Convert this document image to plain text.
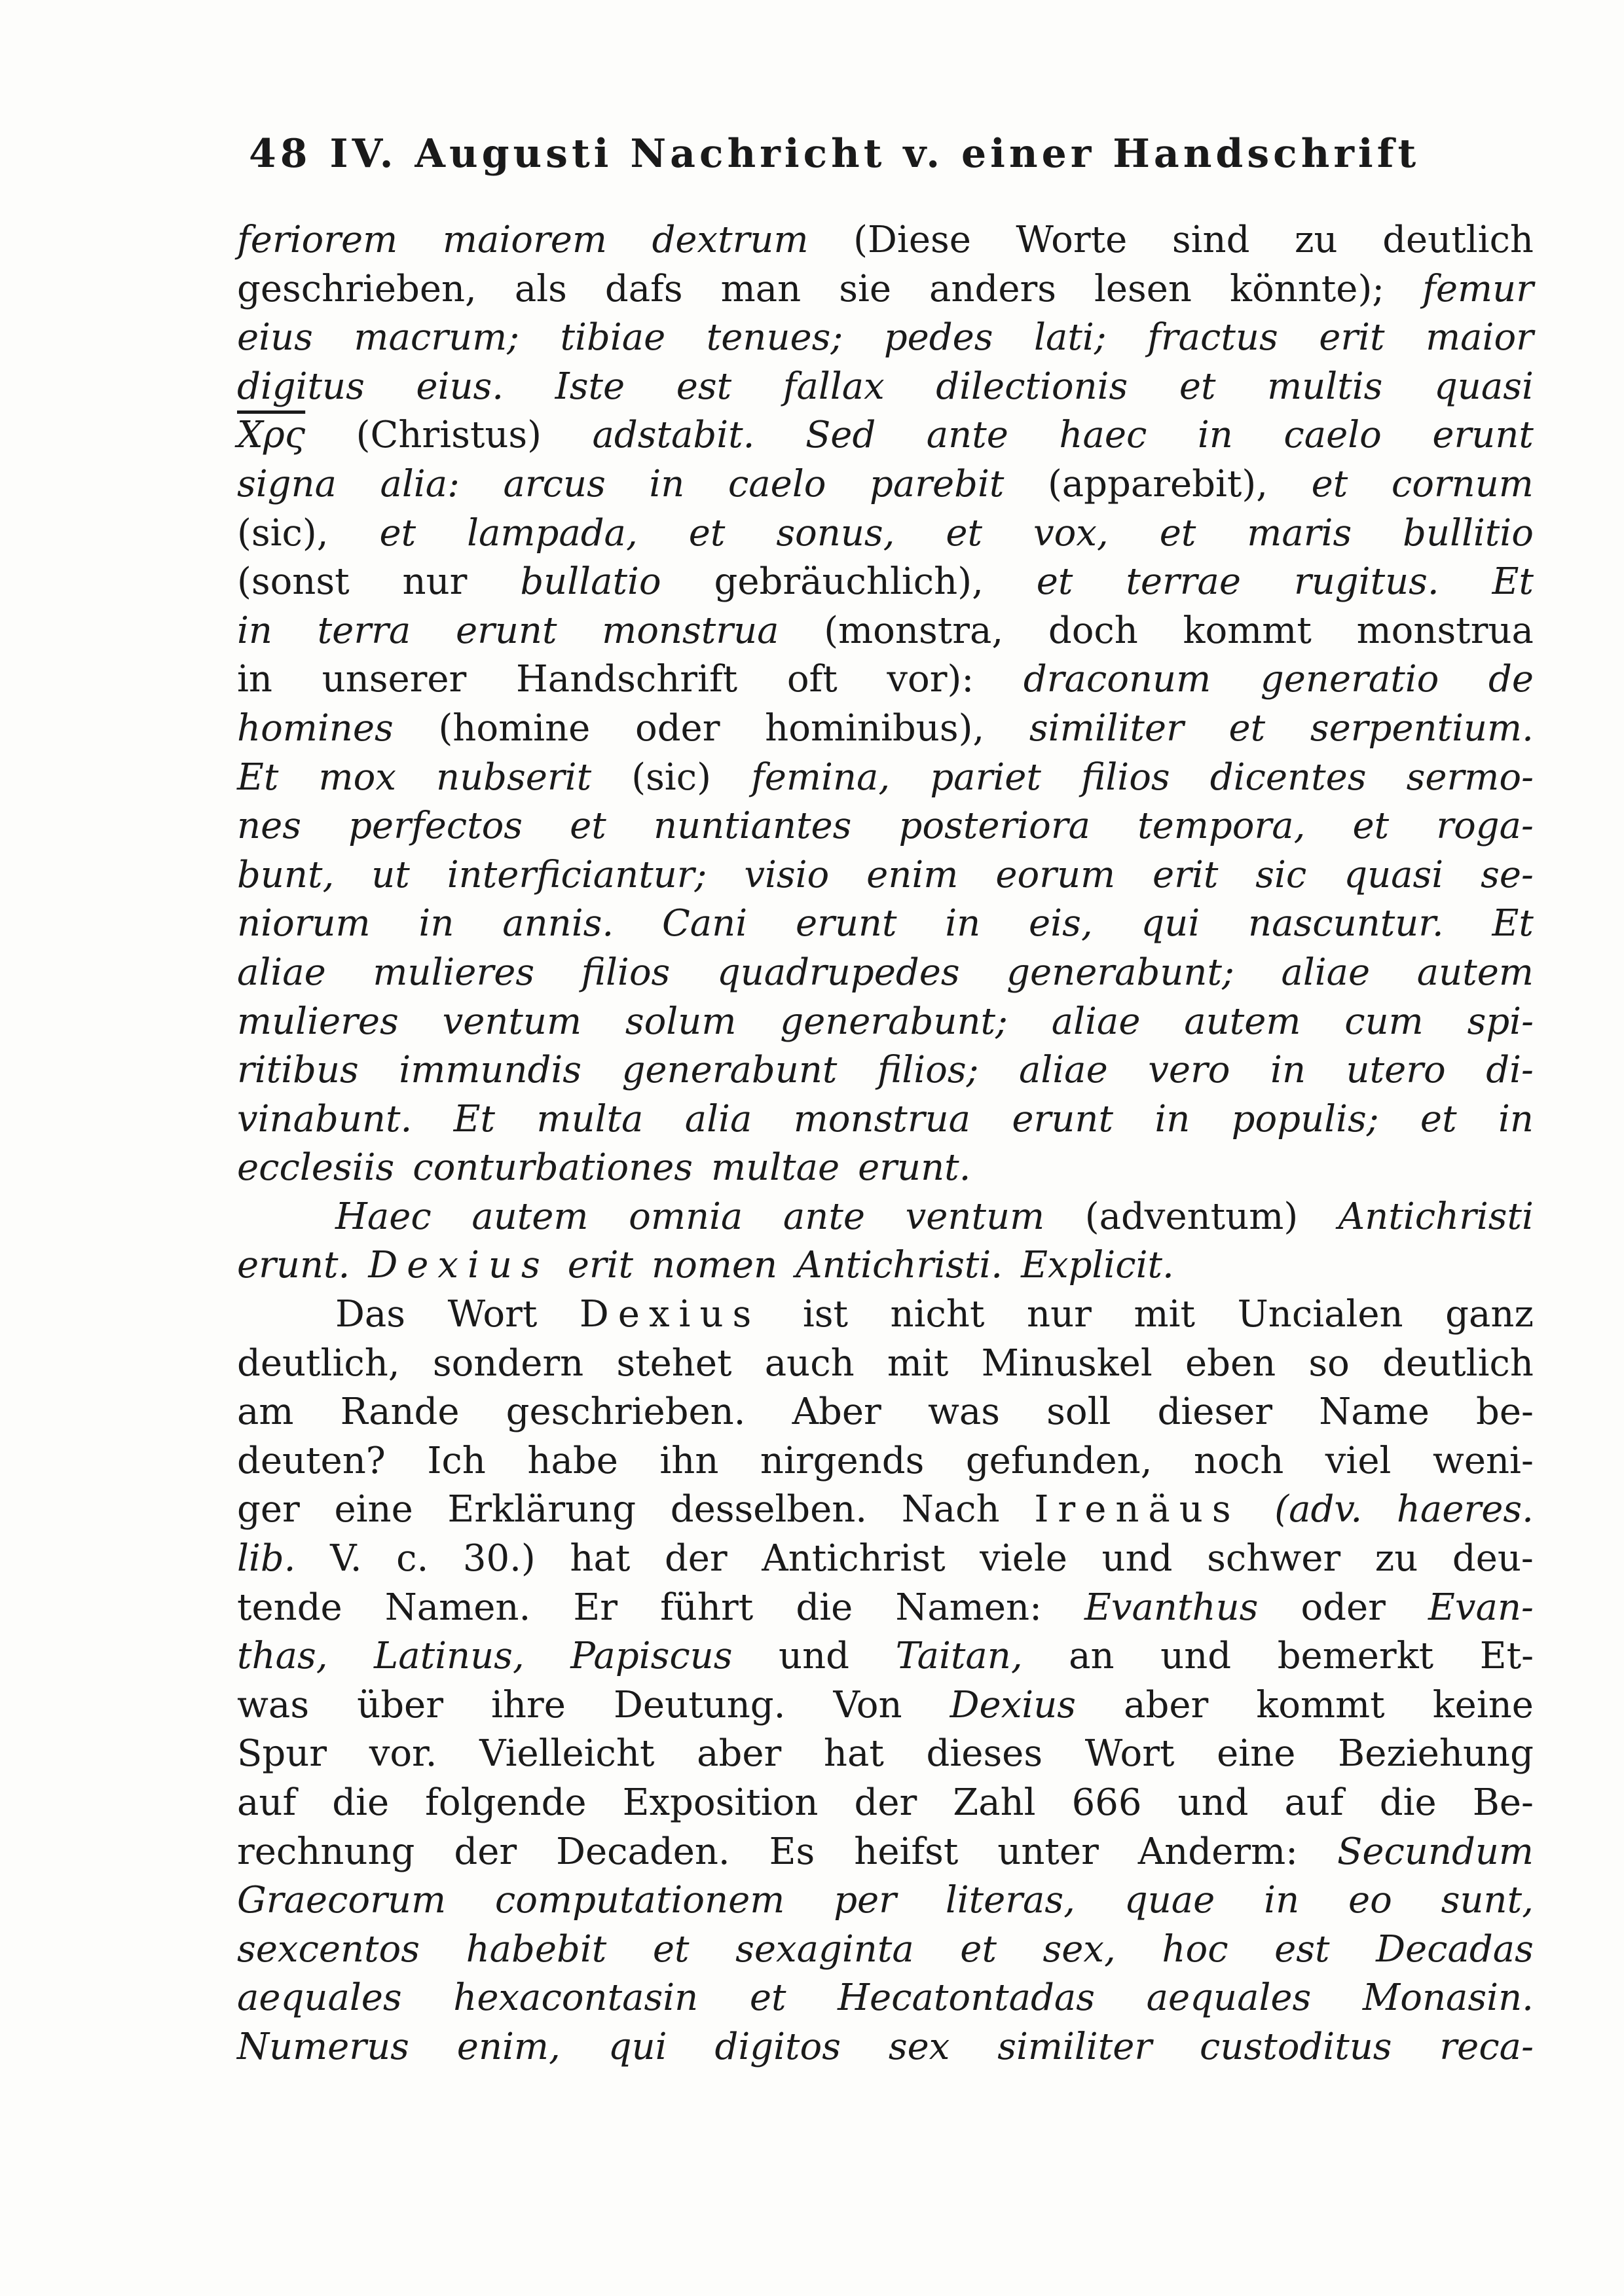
48 IV. Augusti Nachricht v. einer Handschrift
feriorem maiorem dextrum (Diese Worte sind zu deutlich
geschrieben, als dafs man sie anders lesen könnte); femur
eius macrum; tibiae tenues; pedes lati; fractus erit maior
digitus eius. Iste est fallax dilectionis et multis quasi
$\overline{X\rho\varsigma}$ (Christus) adstabit. Sed ante haec in caelo erunt
signa alia: arcus in caelo parebit (apparebit), et cornum
(sic), et lampada, et sonus, et vox, et maris bullitio
(sonst nur bullatio gebräuchlich), et terrae rugitus. Et
in terra erunt monstrua (monstra, doch kommt monstrua
in unserer Handschrift oft vor): draconum generatio de
homines (homine oder hominibus), similiter et serpentium.
Et mox nubserit (sic) femina, pariet filios dicentes sermo-
nes perfectos et nuntiantes posteriora tempora, et roga-
bunt, ut interficiantur; visio enim eorum erit sic quasi se-
niorum in annis. Cani erunt in eis, qui nascuntur. Et
aliae mulieres filios quadrupedes generabunt; aliae autem
mulieres ventum solum generabunt; aliae autem cum spi-
ritibus immundis generabunt filios; aliae vero in utero di-
vinabunt. Et multa alia monstrua erunt in populis; et in
ecclesiis conturbationes multae erunt.
Haec autem omnia ante ventum (adventum) Antichristi
erunt. Dexius erit nomen Antichristi. Explicit.
Das Wort Dexius ist nicht nur mit Uncialen ganz
deutlich, sondern stehet auch mit Minuskel eben so deutlich
am Rande geschrieben. Aber was soll dieser Name be-
deuten? Ich habe ihn nirgends gefunden, noch viel weni-
ger eine Erklärung desselben. Nach Irenäus (adv. haeres.
lib. V. c. 30.) hat der Antichrist viele und schwer zu deu-
tende Namen. Er führt die Namen: Evanthus oder Evan-
thas, Latinus, Papiscus und Taitan, an und bemerkt Et-
was über ihre Deutung. Von Dexius aber kommt keine
Spur vor. Vielleicht aber hat dieses Wort eine Beziehung
auf die folgende Exposition der Zahl 666 und auf die Be-
rechnung der Decaden. Es heifst unter Anderm: Secundum
Graecorum computationem per literas, quae in eo sunt,
sexcentos habebit et sexaginta et sex, hoc est Decadas
aequales hexacontasin et Hecatontadas aequales Monasin.
Numerus enim, qui digitos sex similiter custoditus reca-
